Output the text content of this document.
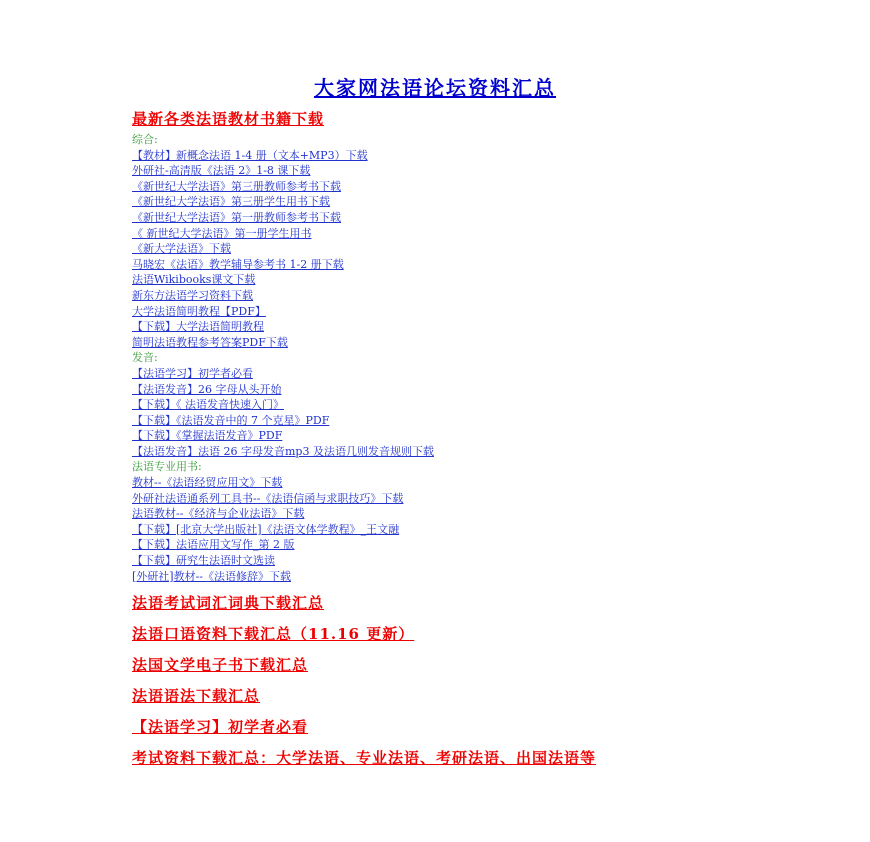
大家网法语论坛资料汇总
最新各类法语教材书籍下载
综合:
【教材】新概念法语 1-4 册（文本+MP3）下载
外研社-高清版《法语 2》1-8 课下载
《新世纪大学法语》第三册教师参考书下载
《新世纪大学法语》第三册学生用书下载
《新世纪大学法语》第一册教师参考书下载
《 新世纪大学法语》第一册学生用书
《新大学法语》下载
马晓宏《法语》教学辅导参考书 1-2 册下载
法语Wikibooks课文下载
新东方法语学习资料下载
大学法语简明教程【PDF】
【下载】大学法语简明教程
简明法语教程参考答案PDF下载
发音:
【法语学习】初学者必看
【法语发音】26 字母从头开始
【下载】《 法语发音快速入门》
【下载】《法语发音中的 7 个克星》PDF
【下载】《掌握法语发音》PDF
【法语发音】法语 26 字母发音mp3 及法语几则发音规则下载
法语专业用书:
教材--《法语经贸应用文》下载
外研社法语通系列工具书--《法语信函与求职技巧》下载
法语教材--《经济与企业法语》下载
【下载】[北京大学出版社]《法语文体学教程》_王文融
【下载】法语应用文写作_第 2 版
【下载】研究生法语时文选读
[外研社]教材--《法语修辞》下载
法语考试词汇词典下载汇总
法语口语资料下载汇总（11.16 更新）
法国文学电子书下载汇总
法语语法下载汇总
【法语学习】初学者必看
考试资料下载汇总：大学法语、专业法语、考研法语、出国法语等
